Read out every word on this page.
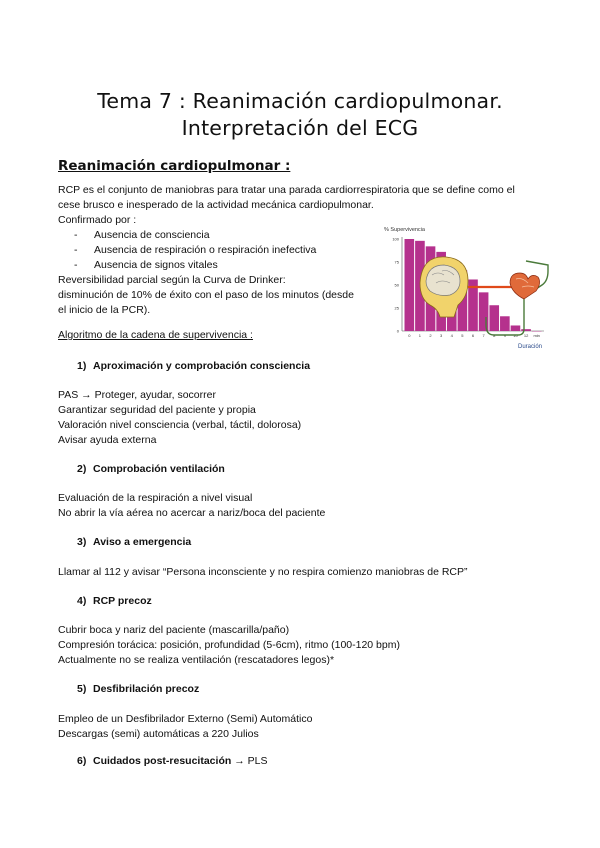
Tema 7 : Reanimación cardiopulmonar.
Interpretación del ECG
Reanimación cardiopulmonar :
RCP es el conjunto de maniobras para tratar una parada cardiorrespiratoria que se define como el
cese brusco e inesperado de la actividad mecánica cardiopulmonar.
Confirmado por :
- Ausencia de consciencia
- Ausencia de respiración o respiración inefectiva
- Ausencia de signos vitales
Reversibilidad parcial según la Curva de Drinker:
disminución de 10% de éxito con el paso de los minutos (desde
el inicio de la PCR).
Algoritmo de la cadena de supervivencia :
1) Aproximación y comprobación consciencia
PAS → Proteger, ayudar, socorrer
Garantizar seguridad del paciente y propia
Valoración nivel consciencia (verbal, táctil, dolorosa)
Avisar ayuda externa
2) Comprobación ventilación
Evaluación de la respiración a nivel visual
No abrir la vía aérea no acercar a nariz/boca del paciente
3) Aviso a emergencia
Llamar al 112 y avisar “Persona inconsciente y no respira comienzo maniobras de RCP”
4) RCP precoz
Cubrir boca y nariz del paciente (mascarilla/paño)
Compresión torácica: posición, profundidad (5-6cm), ritmo (100-120 bpm)
Actualmente no se realiza ventilación (rescatadores legos)*
5) Desfibrilación precoz
Empleo de un Desfibrilador Externo (Semi) Automático
Descargas (semi) automáticas a 220 Julios
6) Cuidados post-resucitación → PLS
% Supervivencia
0 1 2 3 4 5 6 7 8 9 10 12 min
0
25
50
75
100
Duración
